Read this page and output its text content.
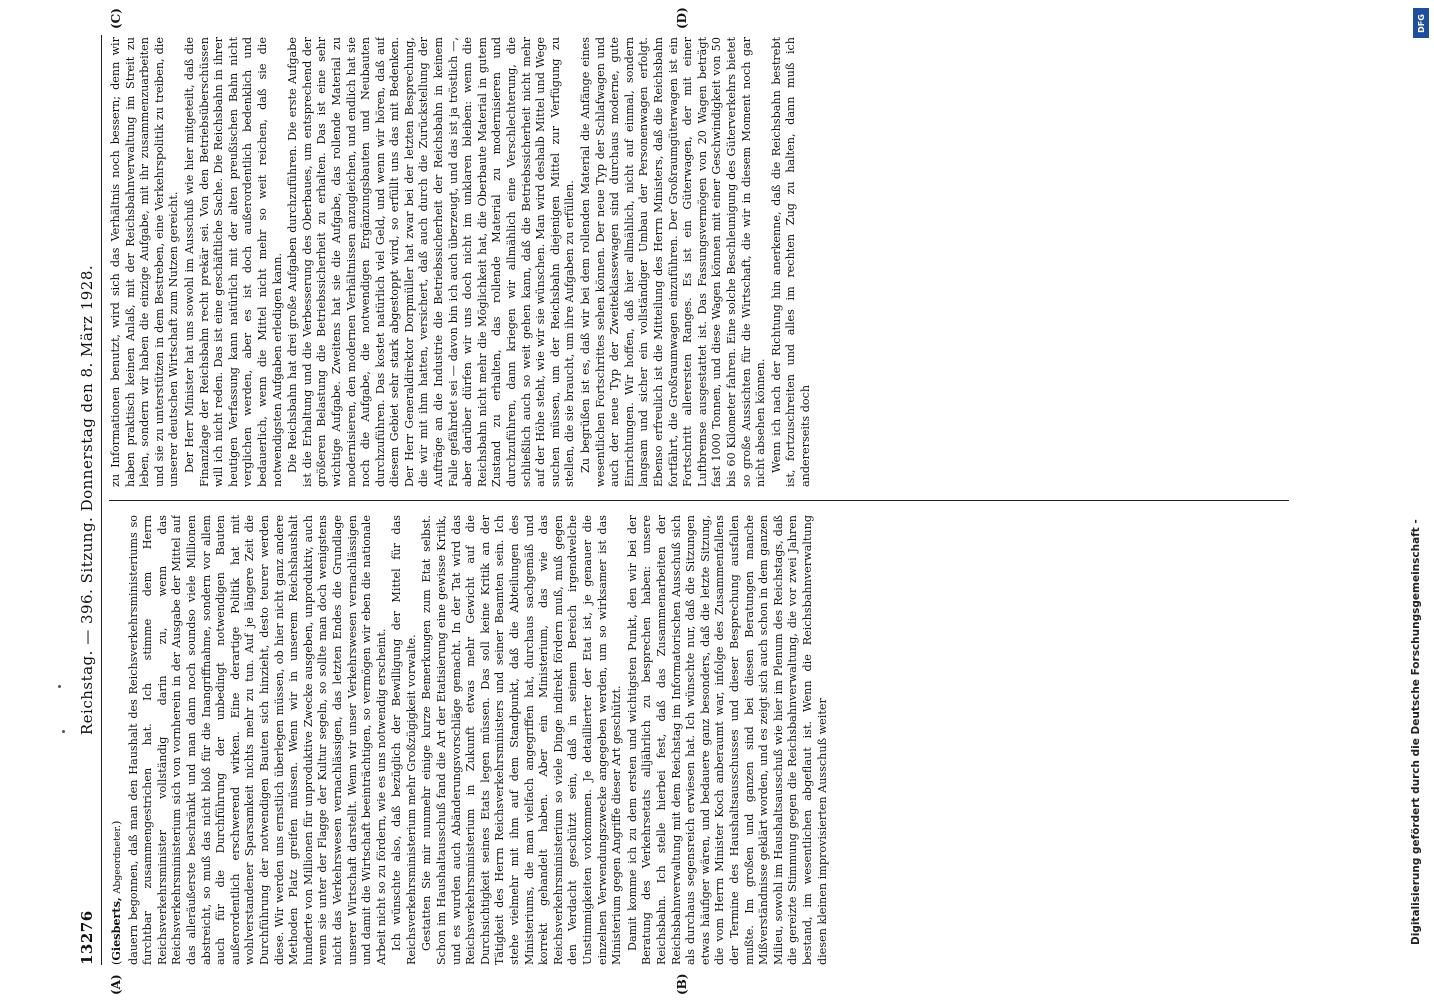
13276
Reichstag. — 396. Sitzung. Donnerstag den 8. März 1928.

(Giesberts, Abgeordneter.) dauern begonnen, daß man den Haushalt des Reichsverkehrsministeriums so furchtbar zusammengestrichen hat. Ich stimme dem Herrn Reichsverkehrsminister vollständig darin zu, wenn das Reichsverkehrsministerium sich von vornherein in der Ausgabe der Mittel auf das alleräußerste beschränkt und man dann noch soundso viele Millionen abstreicht, so muß das nicht bloß für die Inangriffnahme, sondern vor allem auch für die Durchführung der unbedingt notwendigen Bauten außerordentlich erschwerend wirken. Eine derartige Politik hat mit wohlverstandener Sparsamkeit nichts mehr zu tun. Auf je längere Zeit die Durchführung der notwendigen Bauten sich hinzieht, desto teurer werden diese. Wir werden uns ernstlich überlegen müssen, ob hier nicht ganz andere Methoden Platz greifen müssen. Wenn wir in unserem Reichshaushalt hunderte von Millionen für unproduktive Zwecke ausgeben, unproduktiv, auch wenn sie unter der Flagge der Kultur segeln, so sollte man doch wenigstens nicht das Verkehrswesen vernachlässigen, das letzten Endes die Grundlage unserer Wirtschaft darstellt. Wenn wir unser Verkehrswesen vernachlässigen und damit die Wirtschaft beeinträchtigen, so vermögen wir eben die nationale Arbeit nicht so zu fördern, wie es uns notwendig erscheint. Ich wünschte also, daß bezüglich der Bewilligung der Mittel für das Reichsverkehrsministerium mehr Großzügigkeit vorwalte. Gestatten Sie mir nunmehr einige kurze Bemerkungen zum Etat selbst. Schon im Haushaltausschuß fand die Art der Etatisierung eine gewisse Kritik, und es wurden auch Abänderungsvorschläge gemacht. In der Tat wird das Reichsverkehrsministerium in Zukunft etwas mehr Gewicht auf die Durchsichtigkeit seines Etats legen müssen. Das soll keine Kritik an der Tätigkeit des Herrn Reichsverkehrsministers und seiner Beamten sein. Ich stehe vielmehr mit ihm auf dem Standpunkt, daß die Abteilungen des Ministeriums, die man vielfach angegriffen hat, durchaus sachgemäß und korrekt gehandelt haben. Aber ein Ministerium, das wie das Reichsverkehrsministerium so viele Dinge indirekt fördern muß, muß gegen den Verdacht geschützt sein, daß in seinem Bereich irgendwelche Unstimmigkeiten vorkommen. Je detaillierter der Etat ist, je genauer die einzelnen Verwendungszwecke angegeben werden, um so wirksamer ist das Ministerium gegen Angriffe dieser Art geschützt. Damit komme ich zu dem ersten und wichtigsten Punkt, den wir bei der Beratung des Verkehrsetats alljährlich zu besprechen haben: unsere Reichsbahn. Ich stelle hierbei fest, daß das Zusammenarbeiten der Reichsbahnverwaltung mit dem Reichstag im Informatorischen Ausschuß sich als durchaus segensreich erwiesen hat. Ich wünschte nur, daß die Sitzungen etwas häufiger wären, und bedauere ganz besonders, daß die letzte Sitzung, die vom Herrn Minister Koch anberaumt war, infolge des Zusammenfallens der Termine des Haushaltsausschusses und dieser Besprechung ausfallen mußte. Im großen und ganzen sind bei diesen Beratungen manche Mißverständnisse geklärt worden, und es zeigt sich auch schon in dem ganzen Milieu, sowohl im Haushaltsausschuß wie hier im Plenum des Reichstags, daß die gereizte Stimmung gegen die Reichsbahnverwaltung, die vor zwei Jahren bestand, im wesentlichen abgeflaut ist. Wenn die Reichsbahnverwaltung diesen kleinen improvisierten Ausschuß weiter

zu Informationen benutzt, wird sich das Verhältnis noch bessern; denn wir haben praktisch keinen Anlaß, mit der Reichsbahnverwaltung im Streit zu leben, sondern wir haben die einzige Aufgabe, mit ihr zusammenzuarbeiten und sie zu unterstützen in dem Bestreben, eine Verkehrspolitik zu treiben, die unserer deutschen Wirtschaft zum Nutzen gereicht. Der Herr Minister hat uns sowohl im Ausschuß wie hier mitgeteilt, daß die Finanzlage der Reichsbahn recht prekär sei. Von den Betriebsüberschüssen will ich nicht reden. Das ist eine geschäftliche Sache. Die Reichsbahn in ihrer heutigen Verfassung kann natürlich mit der alten preußischen Bahn nicht verglichen werden, aber es ist doch außerordentlich bedenklich und bedauerlich, wenn die Mittel nicht mehr so weit reichen, daß sie die notwendigsten Aufgaben erledigen kann. Die Reichsbahn hat drei große Aufgaben durchzuführen. Die erste Aufgabe ist die Erhaltung und die Verbesserung des Oberbaues, um entsprechend der größeren Belastung die Betriebssicherheit zu erhalten. Das ist eine sehr wichtige Aufgabe. Zweitens hat sie die Aufgabe, das rollende Material zu modernisieren, den modernen Verhältnissen anzugleichen, und endlich hat sie noch die Aufgabe, die notwendigen Ergänzungsbauten und Neubauten durchzuführen. Das kostet natürlich viel Geld, und wenn wir hören, daß auf diesem Gebiet sehr stark abgestoppt wird, so erfüllt uns das mit Bedenken. Der Herr Generaldirektor Dorpmüller hat zwar bei der letzten Besprechung, die wir mit ihm hatten, versichert, daß auch durch die Zurückstellung der Aufträge an die Industrie die Betriebssicherheit der Reichsbahn in keinem Falle gefährdet sei — davon bin ich auch überzeugt, und das ist ja tröstlich —, aber darüber dürfen wir uns doch nicht im unklaren bleiben: wenn die Reichsbahn nicht mehr die Möglichkeit hat, die Oberbaute Material in gutem Zustand zu erhalten, das rollende Material zu modernisieren und durchzuführen, dann kriegen wir allmählich eine Verschlechterung, die schließlich auch so weit gehen kann, daß die Betriebssicherheit nicht mehr auf der Höhe steht, wie wir sie wünschen. Man wird deshalb Mittel und Wege suchen müssen, um der Reichsbahn diejenigen Mittel zur Verfügung zu stellen, die sie braucht, um ihre Aufgaben zu erfüllen. Zu begrüßen ist es, daß wir bei dem rollenden Material die Anfänge eines wesentlichen Fortschrittes sehen können. Der neue Typ der Schlafwagen und auch der neue Typ der Zweiteklassewagen sind durchaus moderne, gute Einrichtungen. Wir hoffen, daß hier allmählich, nicht auf einmal, sondern langsam und sicher ein vollständiger Umbau der Personenwagen erfolgt. Ebenso erfreulich ist die Mitteilung des Herrn Ministers, daß die Reichsbahn fortfährt, die Großraumwagen einzuführen. Der Großraumgüterwagen ist ein Fortschritt allerersten Ranges. Es ist ein Güterwagen, der mit einer Luftbremse ausgestattet ist. Das Fassungsvermögen von 20 Wagen beträgt fast 1000 Tonnen, und diese Wagen können mit einer Geschwindigkeit von 50 bis 60 Kilometer fahren. Eine solche Beschleunigung des Güterverkehrs bietet so große Aussichten für die Wirtschaft, die wir in diesem Moment noch gar nicht absehen können. Wenn ich nach der Richtung hin anerkenne, daß die Reichsbahn bestrebt ist, fortzuschreiten und alles im rechten Zug zu halten, dann muß ich andererseits doch

(A)	(B)
(C)	(D)
Digitalisierung gefördert durch die Deutsche Forschungsgemeinschaft -
DFG
